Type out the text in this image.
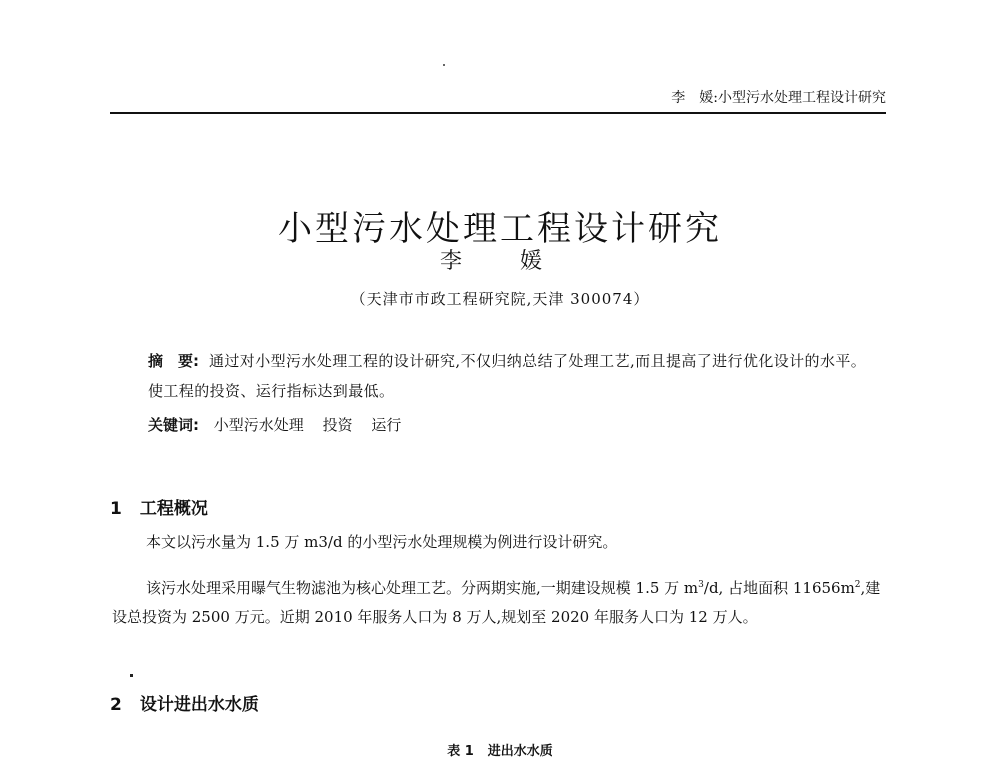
李　媛:小型污水处理工程设计研究
小型污水处理工程设计研究
李　媛
（天津市市政工程研究院,天津 300074）
摘　要: 通过对小型污水处理工程的设计研究,不仅归纳总结了处理工艺,而且提高了进行优化设计的水平。使工程的投资、运行指标达到最低。
关键词: 小型污水处理 投资 运行
1 工程概况

本文以污水量为 1.5 万 m3/d 的小型污水处理规模为例进行设计研究。

该污水处理采用曝气生物滤池为核心处理工艺。分两期实施,一期建设规模 1.5 万 $m^3/d$, 占地面积 $11656m^2$,建设总投资为 2500 万元。近期 2010 年服务人口为 8 万人,规划至 2020 年服务人口为 12 万人。

2 设计进出水水质
表 1 进出水水质
